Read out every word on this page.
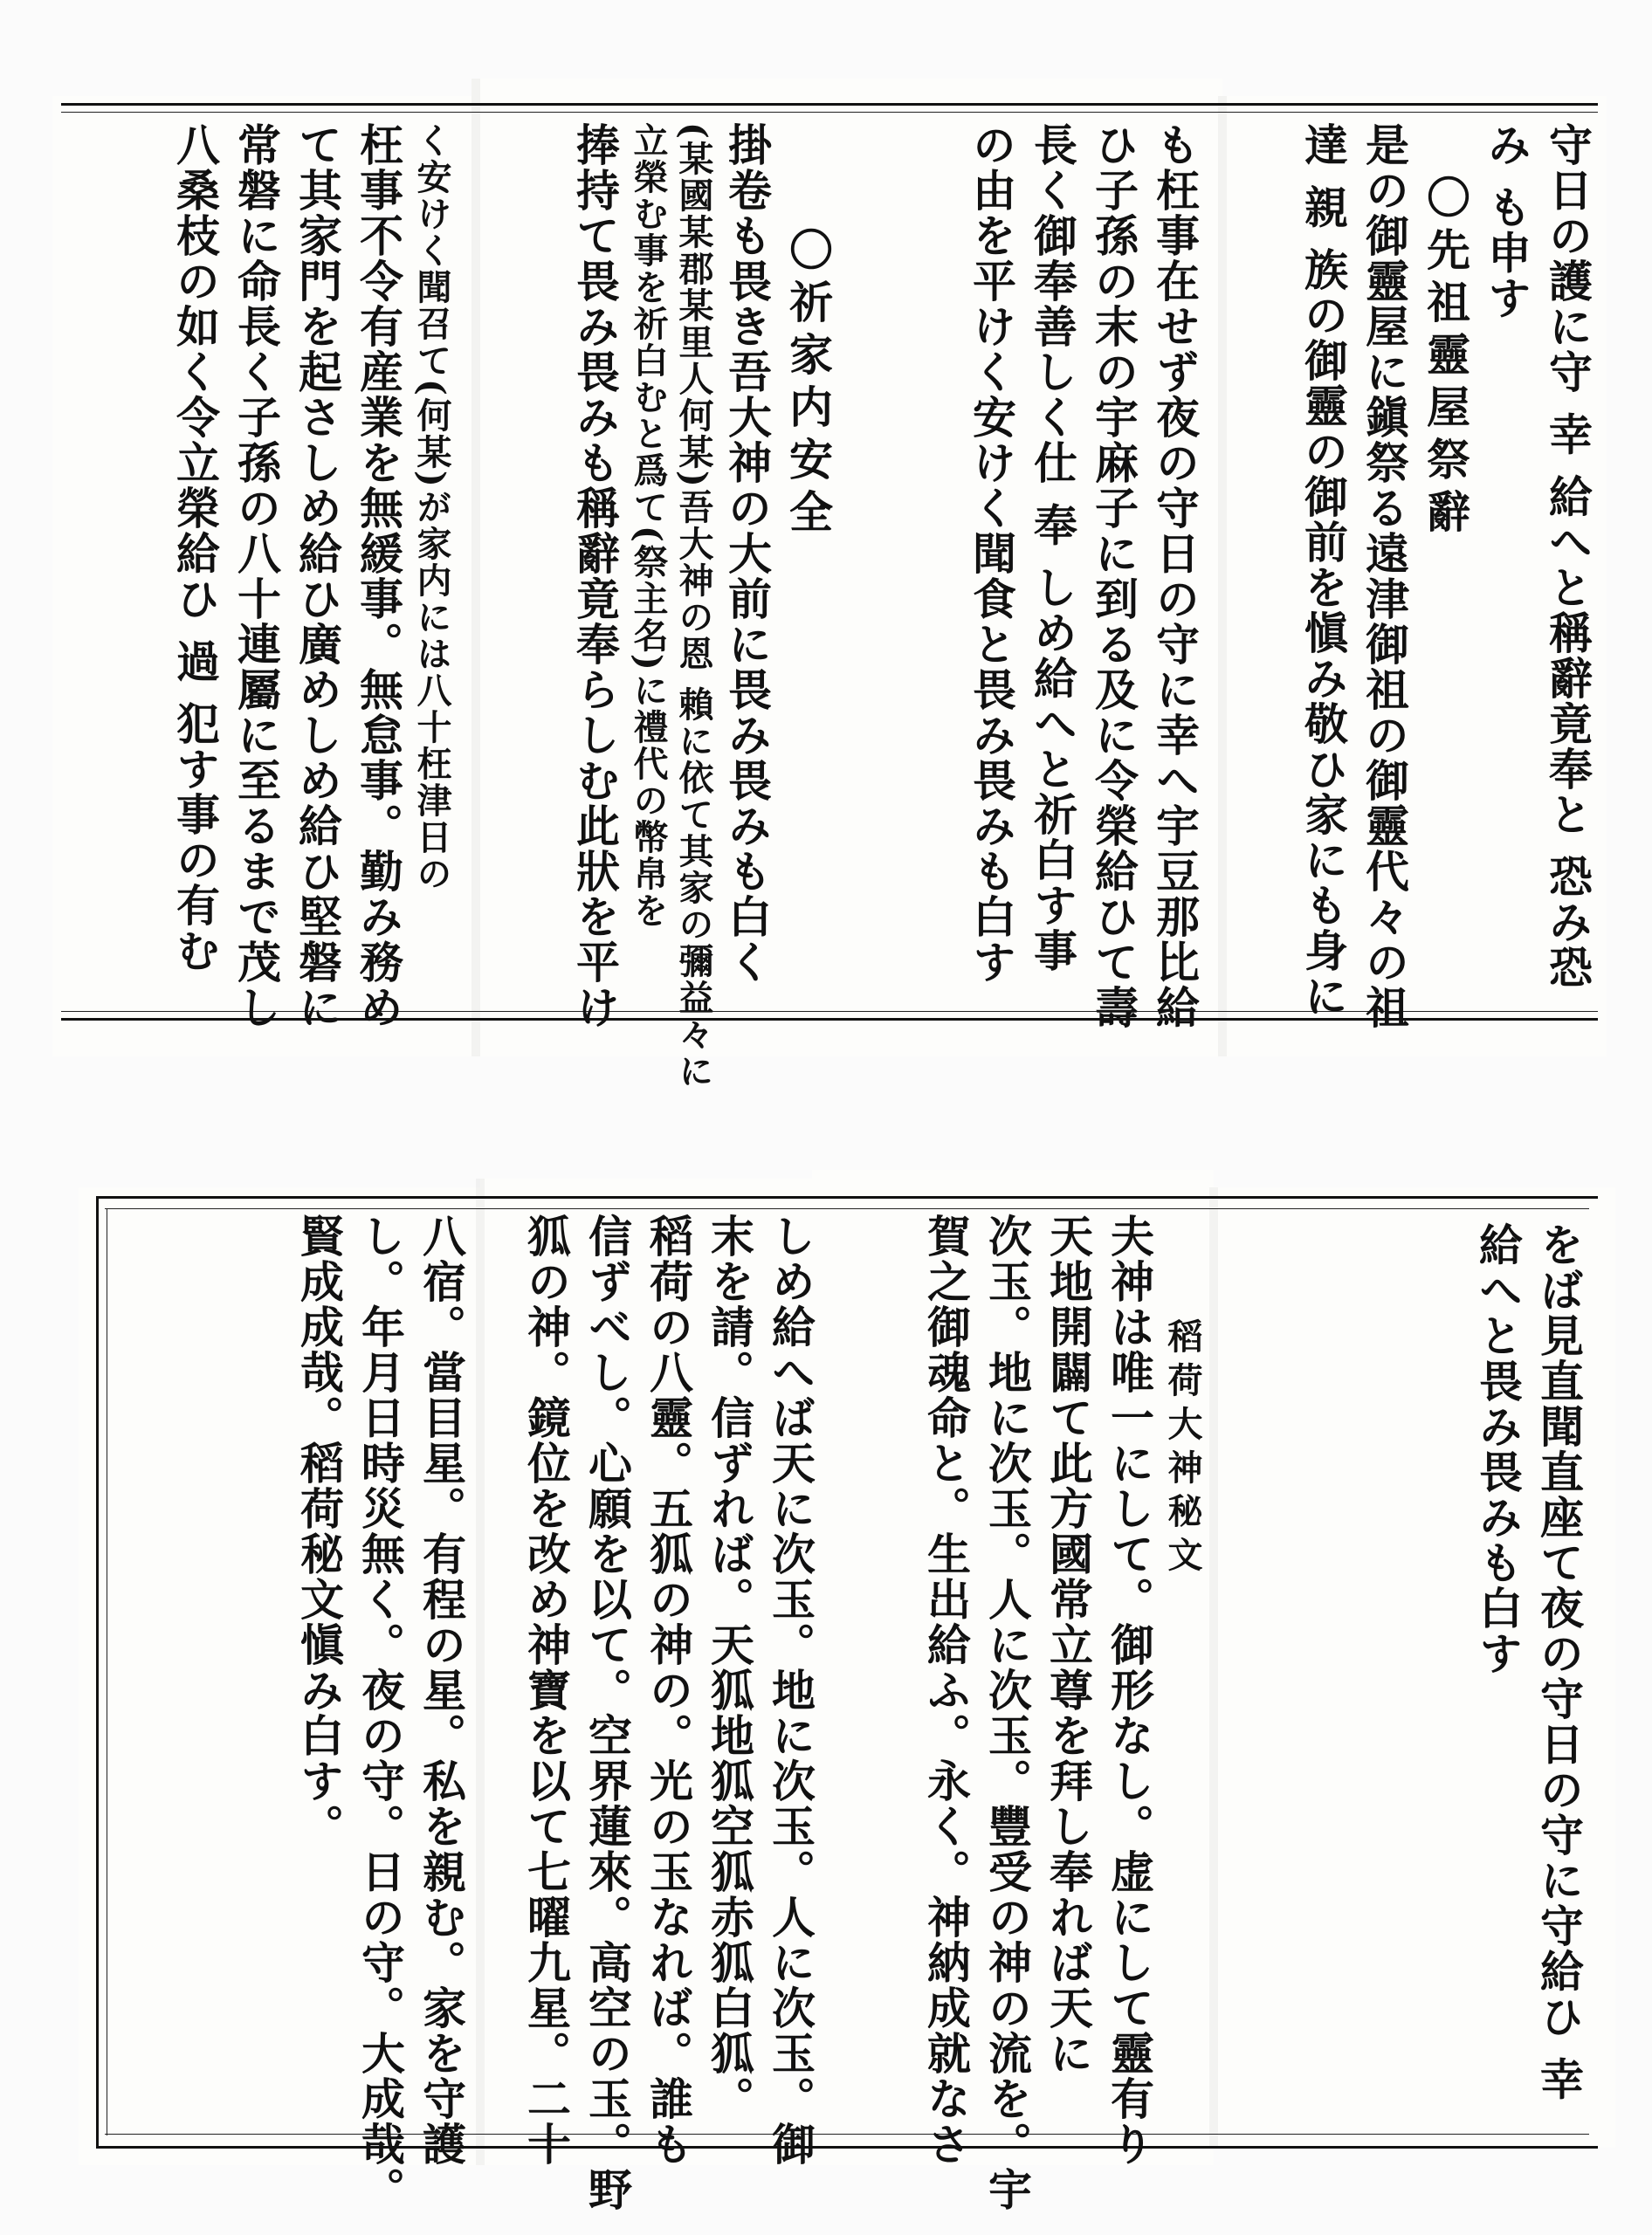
守日の護に守 幸 給へと稱辭竟奉と 恐み恐

み も申す

〇先祖靈屋祭辭

是の御靈屋に鎭祭る遠津御祖の御靈代々の祖

達 親 族の御靈の御前を愼み敬ひ家にも身に

も枉事在せず夜の守日の守に幸へ宇豆那比給

ひ子孫の末の宇麻子に到る及に令榮給ひて壽

長く御奉善しく仕 奉 しめ給へと祈白す事

の由を平けく安けく聞食と畏み畏みも白す

〇祈家内安全

掛卷も畏き吾大神の大前に畏み畏みも白く

(某國某郡某里人何某)吾大神の恩 賴に依て其家の彌益々に

立榮む事を祈白むと爲て(祭主名)に禮代の幣帛を

捧持て畏み畏みも稱辭竟奉らしむ此狀を平け

く安けく聞召て(何某)が家内には八十枉津日の

枉事不令有産業を無緩事。無怠事。勤み務め

て其家門を起さしめ給ひ廣めしめ給ひ堅磐に

常磐に命長く子孫の八十連屬に至るまで茂し

八桑枝の如く令立榮給ひ 過 犯す事の有む

をば見直聞直座て夜の守日の守に守給ひ 幸

給へと畏み畏みも白す

稻荷大神秘文

夫神は唯一にして。御形なし。虚にして靈有り

天地開闢て此方國常立尊を拜し奉れば天に

次玉。地に次玉。人に次玉。豐受の神の流を。宇

賀之御魂命と。生出給ふ。永く。神納成就なさ

しめ給へば天に次玉。地に次玉。人に次玉。御

末を請。信ずれば。天狐地狐空狐赤狐白狐。

稻荷の八靈。五狐の神の。光の玉なれば。誰も

信ずべし。心願を以て。空界蓮來。高空の玉。野

狐の神。鏡位を改め神寶を以て七曜九星。二十

八宿。當目星。有程の星。私を親む。家を守護

し。年月日時災無く。夜の守。日の守。大成哉。

賢成成哉。稻荷秘文愼み白す。
